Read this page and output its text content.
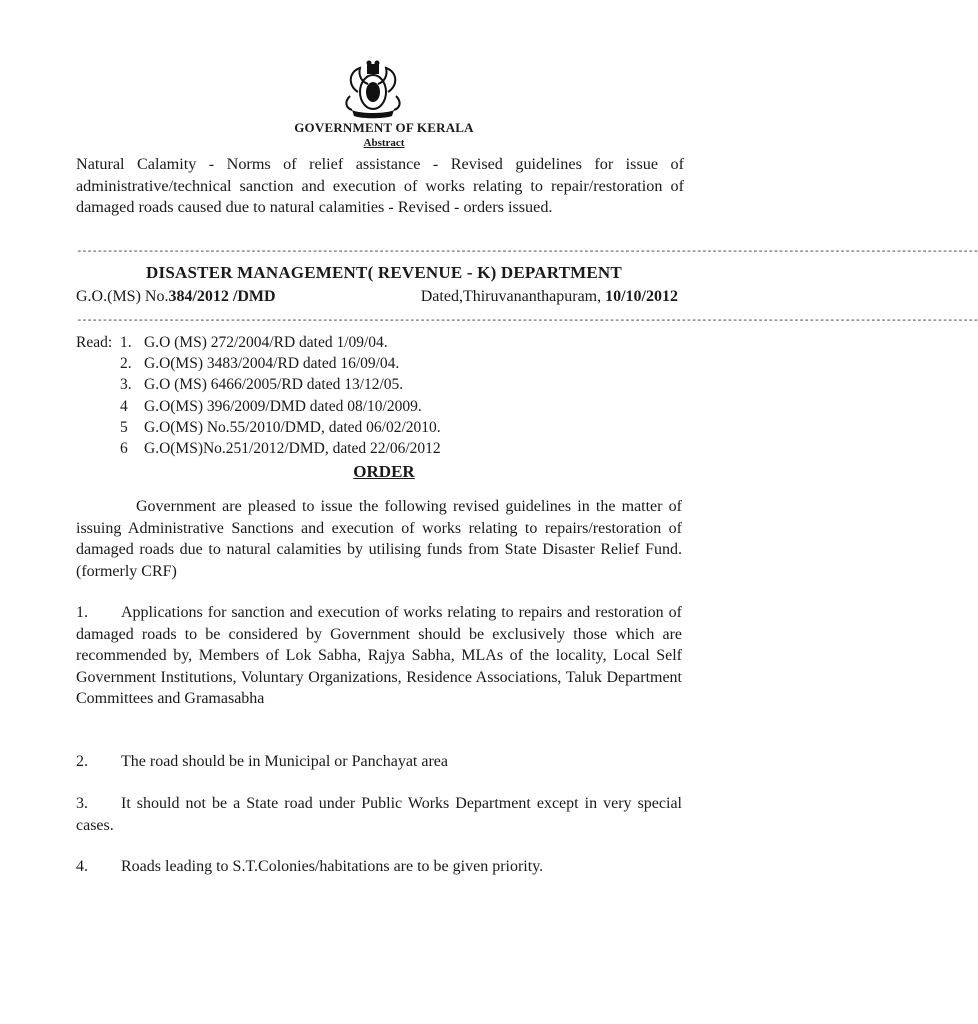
GOVERNMENT OF KERALA
Abstract
Natural Calamity - Norms of relief assistance - Revised guidelines for issue of administrative/technical sanction and execution of works relating to repair/restoration of damaged roads caused due to natural calamities - Revised - orders issued.
--------------------------------------------------------------------------------------------------------------------------------------------------------------------------------
DISASTER MANAGEMENT( REVENUE - K) DEPARTMENT
G.O.(MS) No.384/2012 /DMD	Dated,Thiruvananthapuram, 10/10/2012
--------------------------------------------------------------------------------------------------------------------------------------------------------------------------------
Read: 1. G.O (MS) 272/2004/RD dated 1/09/04.
2. G.O(MS) 3483/2004/RD dated 16/09/04.
3. G.O (MS) 6466/2005/RD dated 13/12/05.
4 G.O(MS) 396/2009/DMD dated 08/10/2009.
5 G.O(MS) No.55/2010/DMD, dated 06/02/2010.
6 G.O(MS)No.251/2012/DMD, dated 22/06/2012
ORDER
Government are pleased to issue the following revised guidelines in the matter of issuing Administrative Sanctions and execution of works relating to repairs/restoration of damaged roads due to natural calamities by utilising funds from State Disaster Relief Fund. (formerly CRF)
1. Applications for sanction and execution of works relating to repairs and restoration of damaged roads to be considered by Government should be exclusively those which are recommended by, Members of Lok Sabha, Rajya Sabha, MLAs of the locality, Local Self Government Institutions, Voluntary Organizations, Residence Associations, Taluk Department Committees and Gramasabha
2. The road should be in Municipal or Panchayat area
3. It should not be a State road under Public Works Department except in very special cases.
4. Roads leading to S.T.Colonies/habitations are to be given priority.
